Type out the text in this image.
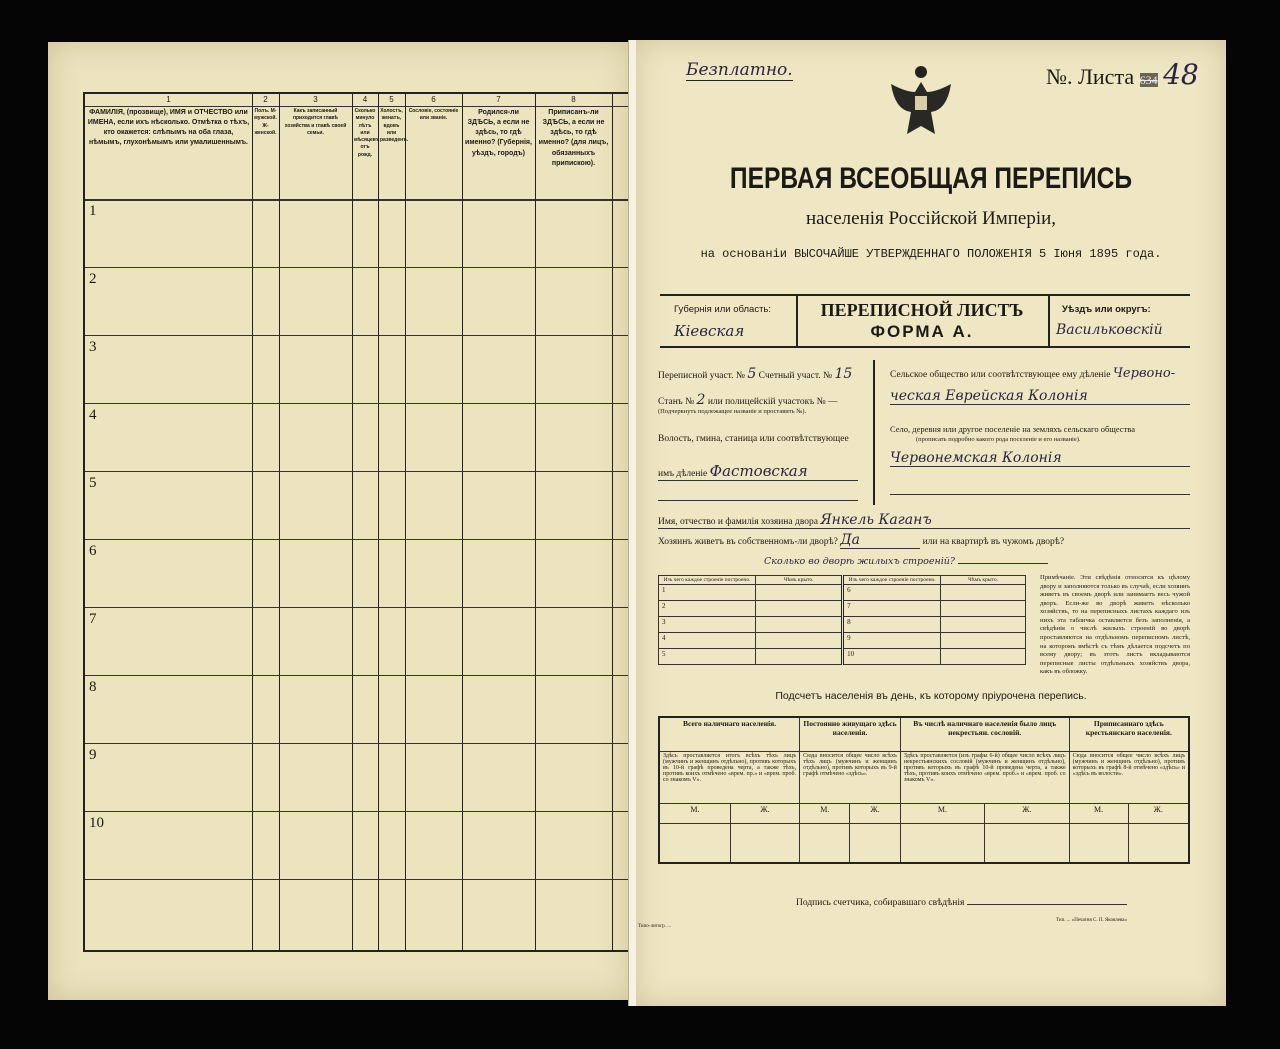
1
ФАМИЛІЯ, (прозвище), ИМЯ и ОТЧЕСТВО или ИМЕНА, если ихъ нѣсколько. Отмѣтка о тѣхъ, кто окажется: слѣпымъ на оба глаза, нѣмымъ, глухонѣмымъ или умалишеннымъ.
2
Полъ. М-мужской. Ж-женской.
3
Какъ записанный приходится главѣ хозяйства и главѣ своей семьи.
4
Сколько минуло лѣтъ или мѣсяцевъ отъ рожд.
5
Холостъ, женатъ, вдовъ или разведенъ.
6
Сословіе, состояніе или званіе.
7
Родился-ли ЗДѢСЬ, а если не здѣсь, то гдѣ именно? (Губернія, уѣздъ, городъ)
8
Приписанъ-ли ЗДѢСЬ, а если не здѣсь, то гдѣ именно? (для лицъ, обязанныхъ припискою).
1
2
3
4
5
6
7
8
9
10
Безплатно.	№. Листа 634 48
ПЕРВАЯ ВСЕОБЩАЯ ПЕРЕПИСЬ
населенія Россійской Имперіи,
на основаніи ВЫСОЧАЙШЕ УТВЕРЖДЕННАГО ПОЛОЖЕНІЯ 5 Іюня 1895 года.
Губернія или область:
Кіевская
ПЕРЕПИСНОЙ ЛИСТЪ
ФОРМА А.
Уѣздъ или округъ:
Васильковскій
Переписной участ. № 5 Счетный участ. № 15
Станъ № 2 или полицейскій участокъ № —
(Подчеркнуть подлежащее названіе и проставить №).
Волость, гмина, станица или соотвѣтствующее
имъ дѣленіе Фастовская
Сельское общество или соотвѣтствующее ему дѣленіе Червоно-
ческая Еврейская Колонія
Село, деревня или другое поселеніе на земляхъ сельскаго общества
(прописать подробно какого рода поселеніе и его названіе).
Червонемская Колонія
Имя, отчество и фамилія хозяина двора Янкель Каганъ
Хозяинъ живетъ въ собственномъ-ли дворѣ? Да	или на квартирѣ въ чужомъ дворѣ?
Сколько во дворѣ жилыхъ строеній?
Изъ чего каждое строеніе построено.	Чѣмъ крыто.	Изъ чего каждое строеніе построено.	Чѣмъ крыто.
1		6	
2		7	
3		8	
4		9	
5		10	
Примѣчаніе. Эти свѣдѣнія относятся къ цѣлому двору и заполняются только въ случаѣ, если хозяинъ живетъ въ своемъ дворѣ или занимаетъ весь чужой дворъ. Если-же во дворѣ живетъ нѣсколько хозяйствъ, то на переписныхъ листахъ каждаго изъ нихъ эта табличка оставляется безъ заполненія, а свѣдѣнія о числѣ жилыхъ строеній во дворѣ проставляются на отдѣльномъ переписномъ листѣ, на которомъ вмѣстѣ съ тѣмъ дѣлается подсчетъ по всему двору; въ этотъ листъ вкладываются переписные листы отдѣльныхъ хозяйствъ двора, какъ въ обложку.
Подсчетъ населенія въ день, къ которому пріурочена перепись.
Всего наличнаго населенія.		Постоянно живущаго здѣсь населенія.		Въ числѣ наличнаго населенія было лицъ некрестьян. сословій.		Приписаннаго здѣсь крестьянскаго населенія.	
Здѣсь проставляется итогъ всѣхъ тѣхъ лицъ (мужчинъ и женщинъ отдѣльно), противъ которыхъ въ 10-й графѣ проведена черта, а также тѣхъ, противъ коихъ отмѣчено «врем. пр.» и «врем. проб. со знакомъ V».		Сюда вносится общее число всѣхъ тѣхъ лицъ (мужчинъ и женщинъ отдѣльно), противъ которыхъ въ 9-й графѣ отмѣчено «здѣсь».		Здѣсь проставляется (изъ графы 6-й) общее число всѣхъ лицъ некрестьянскихъ сословій (мужчинъ и женщинъ отдѣльно), противъ которыхъ въ графѣ 10-й проведена черта, а также тѣхъ, противъ коихъ отмѣчено «врем. проб.» и «врем. проб. со знакомъ V».		Сюда вносится общее число всѣхъ лицъ (мужчинъ и женщинъ отдѣльно), противъ которыхъ въ графѣ 8-й отмѣчено «здѣсь» и «здѣсь въ волости».	
М.	Ж.	М.	Ж.	М.	Ж.	М.	Ж.

Подпись счетчика, собиравшаго свѣдѣнія
Типо-литогр. ...
Тип. ... «Печатня С. П. Яковлева»
